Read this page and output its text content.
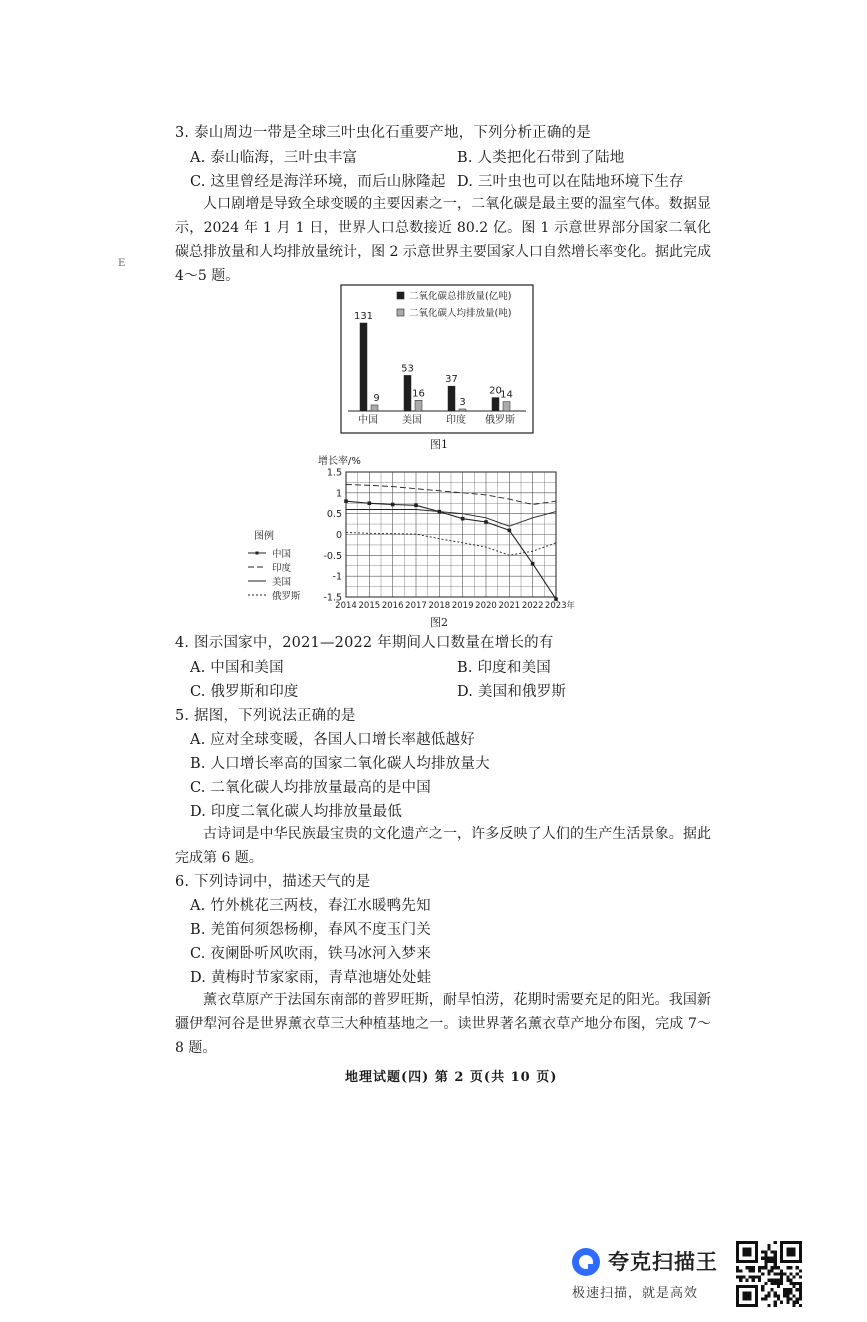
3. 泰山周边一带是全球三叶虫化石重要产地，下列分析正确的是
A. 泰山临海，三叶虫丰富	B. 人类把化石带到了陆地
C. 这里曾经是海洋环境，而后山脉隆起 D. 三叶虫也可以在陆地环境下生存
人口剧增是导致全球变暖的主要因素之一，二氧化碳是最主要的温室气体。数据显示，2024 年 1 月 1 日，世界人口总数接近 80.2 亿。图 1 示意世界部分国家二氧化碳总排放量和人均排放量统计，图 2 示意世界主要国家人口自然增长率变化。据此完成 4～5 题。
E
二氧化碳总排放量(亿吨)
二氧化碳人均排放量(吨)
131
9
中国
53
16
美国
37
3
印度
20
14
俄罗斯
图1
增长率/%
1.5
1
0.5
0
-0.5
-1
-1.5
2014 2015 2016 2017 2018 2019 2020 2021 2022 2023年
图例
中国
印度
美国
俄罗斯
图2
4. 图示国家中，2021—2022 年期间人口数量在增长的有
A. 中国和美国	B. 印度和美国
C. 俄罗斯和印度	D. 美国和俄罗斯
5. 据图，下列说法正确的是
A. 应对全球变暖，各国人口增长率越低越好
B. 人口增长率高的国家二氧化碳人均排放量大
C. 二氧化碳人均排放量最高的是中国
D. 印度二氧化碳人均排放量最低
古诗词是中华民族最宝贵的文化遗产之一，许多反映了人们的生产生活景象。据此完成第 6 题。
6. 下列诗词中，描述天气的是
A. 竹外桃花三两枝，春江水暖鸭先知
B. 羌笛何须怨杨柳，春风不度玉门关
C. 夜阑卧听风吹雨，铁马冰河入梦来
D. 黄梅时节家家雨，青草池塘处处蛙
薰衣草原产于法国东南部的普罗旺斯，耐旱怕涝，花期时需要充足的阳光。我国新疆伊犁河谷是世界薰衣草三大种植基地之一。读世界著名薰衣草产地分布图，完成 7～8 题。
地理试题(四) 第 2 页(共 10 页)
夸克扫描王
极速扫描，就是高效
